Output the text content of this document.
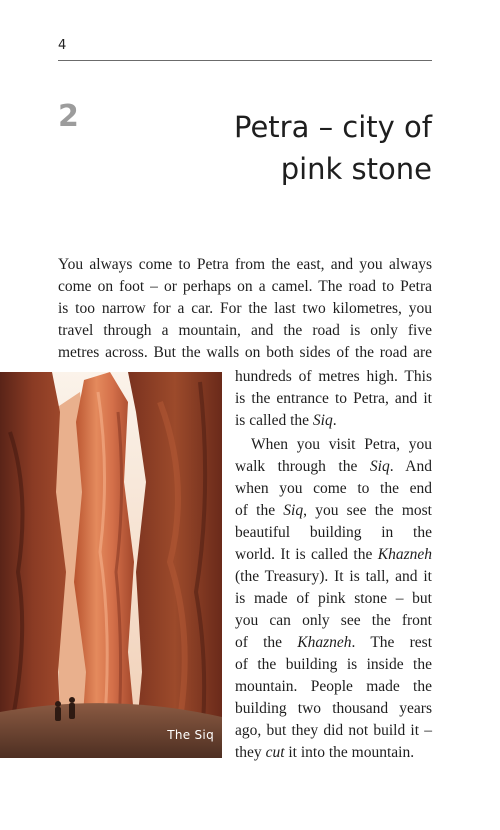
4
2	Petra – city of
pink stone
You always come to Petra from the east, and you always
come on foot – or perhaps on a camel. The road to Petra
is too narrow for a car. For the last two kilometres, you
travel through a mountain, and the road is only five
metres across. But the walls on both sides of the road are
hundreds of metres high. This
is the entrance to Petra, and it
is called the Siq.
When you visit Petra, you
walk through the Siq. And
when you come to the end
of the Siq, you see the most
beautiful building in the
world. It is called the Khazneh
(the Treasury). It is tall, and it
is made of pink stone – but
you can only see the front
of the Khazneh. The rest
of the building is inside the
mountain. People made the
building two thousand years
ago, but they did not build it –
they cut it into the mountain.
The Siq
